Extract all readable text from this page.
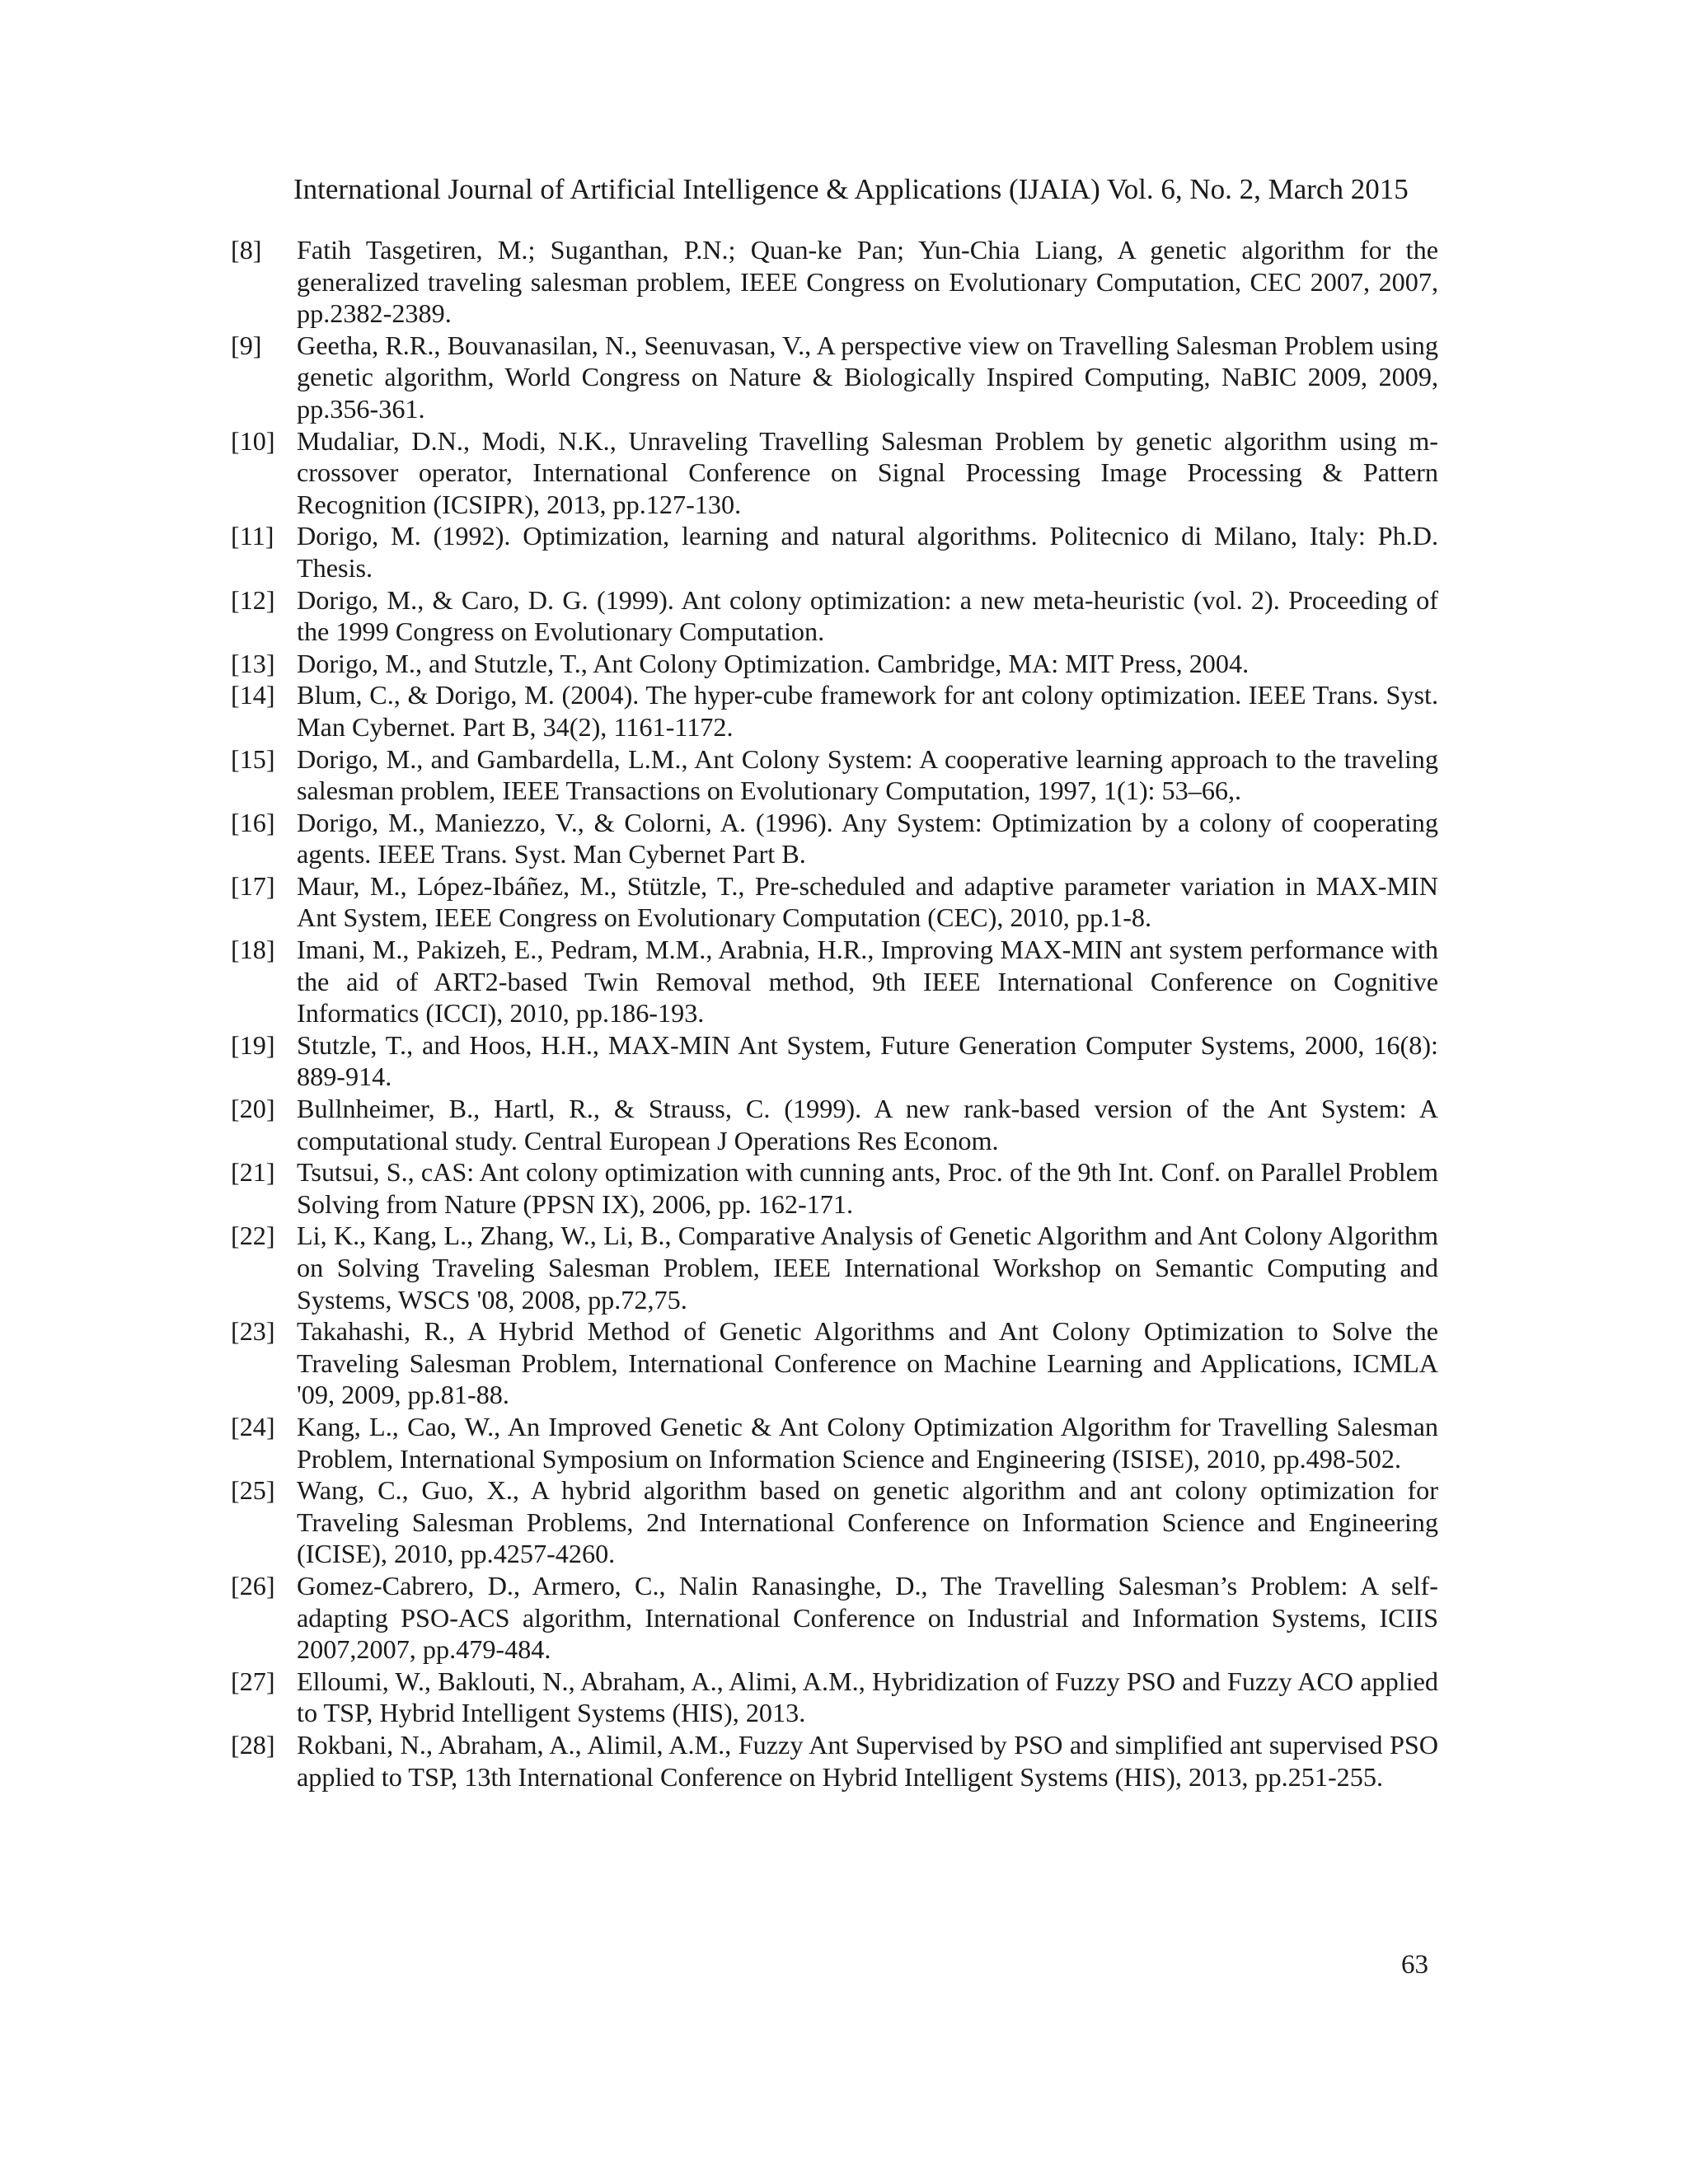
International Journal of Artificial Intelligence & Applications (IJAIA) Vol. 6, No. 2, March 2015
[8] Fatih Tasgetiren, M.; Suganthan, P.N.; Quan-ke Pan; Yun-Chia Liang, A genetic algorithm for the generalized traveling salesman problem, IEEE Congress on Evolutionary Computation, CEC 2007, 2007, pp.2382-2389.
[9] Geetha, R.R., Bouvanasilan, N., Seenuvasan, V., A perspective view on Travelling Salesman Problem using genetic algorithm, World Congress on Nature & Biologically Inspired Computing, NaBIC 2009, 2009, pp.356-361.
[10] Mudaliar, D.N., Modi, N.K., Unraveling Travelling Salesman Problem by genetic algorithm using m-crossover operator, International Conference on Signal Processing Image Processing & Pattern Recognition (ICSIPR), 2013, pp.127-130.
[11] Dorigo, M. (1992). Optimization, learning and natural algorithms. Politecnico di Milano, Italy: Ph.D. Thesis.
[12] Dorigo, M., & Caro, D. G. (1999). Ant colony optimization: a new meta-heuristic (vol. 2). Proceeding of the 1999 Congress on Evolutionary Computation.
[13] Dorigo, M., and Stutzle, T., Ant Colony Optimization. Cambridge, MA: MIT Press, 2004.
[14] Blum, C., & Dorigo, M. (2004). The hyper-cube framework for ant colony optimization. IEEE Trans. Syst. Man Cybernet. Part B, 34(2), 1161-1172.
[15] Dorigo, M., and Gambardella, L.M., Ant Colony System: A cooperative learning approach to the traveling salesman problem, IEEE Transactions on Evolutionary Computation, 1997, 1(1): 53–66,.
[16] Dorigo, M., Maniezzo, V., & Colorni, A. (1996). Any System: Optimization by a colony of cooperating agents. IEEE Trans. Syst. Man Cybernet Part B.
[17] Maur, M., López-Ibáñez, M., Stützle, T., Pre-scheduled and adaptive parameter variation in MAX-MIN Ant System, IEEE Congress on Evolutionary Computation (CEC), 2010, pp.1-8.
[18] Imani, M., Pakizeh, E., Pedram, M.M., Arabnia, H.R., Improving MAX-MIN ant system performance with the aid of ART2-based Twin Removal method, 9th IEEE International Conference on Cognitive Informatics (ICCI), 2010, pp.186-193.
[19] Stutzle, T., and Hoos, H.H., MAX-MIN Ant System, Future Generation Computer Systems, 2000, 16(8): 889-914.
[20] Bullnheimer, B., Hartl, R., & Strauss, C. (1999). A new rank-based version of the Ant System: A computational study. Central European J Operations Res Econom.
[21] Tsutsui, S., cAS: Ant colony optimization with cunning ants, Proc. of the 9th Int. Conf. on Parallel Problem Solving from Nature (PPSN IX), 2006, pp. 162-171.
[22] Li, K., Kang, L., Zhang, W., Li, B., Comparative Analysis of Genetic Algorithm and Ant Colony Algorithm on Solving Traveling Salesman Problem, IEEE International Workshop on Semantic Computing and Systems, WSCS '08, 2008, pp.72,75.
[23] Takahashi, R., A Hybrid Method of Genetic Algorithms and Ant Colony Optimization to Solve the Traveling Salesman Problem, International Conference on Machine Learning and Applications, ICMLA '09, 2009, pp.81-88.
[24] Kang, L., Cao, W., An Improved Genetic & Ant Colony Optimization Algorithm for Travelling Salesman Problem, International Symposium on Information Science and Engineering (ISISE), 2010, pp.498-502.
[25] Wang, C., Guo, X., A hybrid algorithm based on genetic algorithm and ant colony optimization for Traveling Salesman Problems, 2nd International Conference on Information Science and Engineering (ICISE), 2010, pp.4257-4260.
[26] Gomez-Cabrero, D., Armero, C., Nalin Ranasinghe, D., The Travelling Salesman’s Problem: A self-adapting PSO-ACS algorithm, International Conference on Industrial and Information Systems, ICIIS 2007,2007, pp.479-484.
[27] Elloumi, W., Baklouti, N., Abraham, A., Alimi, A.M., Hybridization of Fuzzy PSO and Fuzzy ACO applied to TSP, Hybrid Intelligent Systems (HIS), 2013.
[28] Rokbani, N., Abraham, A., Alimil, A.M., Fuzzy Ant Supervised by PSO and simplified ant supervised PSO applied to TSP, 13th International Conference on Hybrid Intelligent Systems (HIS), 2013, pp.251-255.
63
